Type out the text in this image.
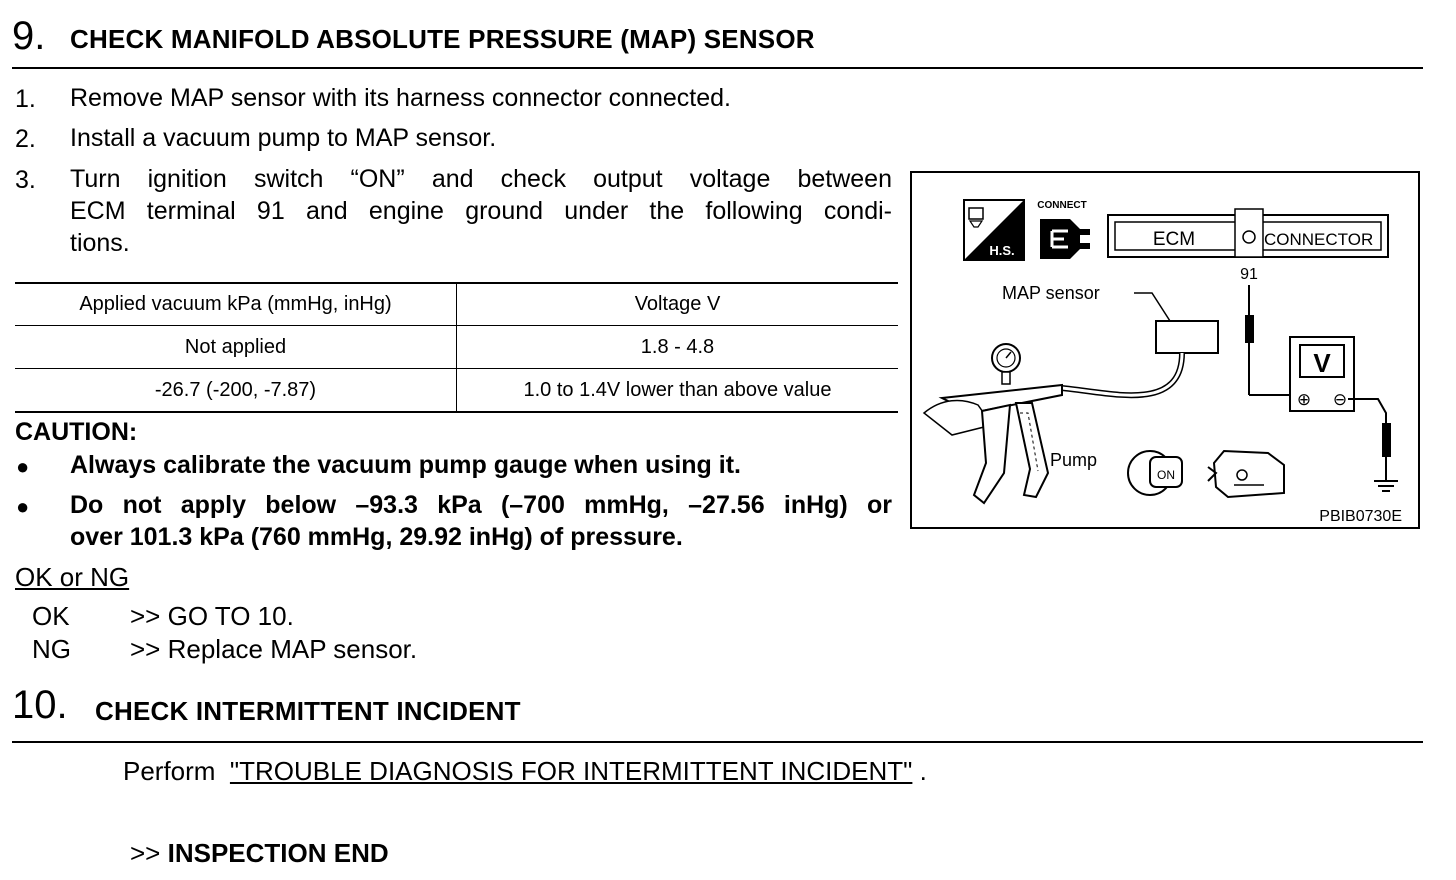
9. CHECK MANIFOLD ABSOLUTE PRESSURE (MAP) SENSOR
1. Remove MAP sensor with its harness connector connected.
2. Install a vacuum pump to MAP sensor.
3. Turn ignition switch “ON” and check output voltage between
ECM terminal 91 and engine ground under the following condi-
tions.
Applied vacuum kPa (mmHg, inHg)	Voltage V
Not applied	1.8 - 4.8
-26.7 (-200, -7.87)	1.0 to 1.4V lower than above value
CAUTION:
● Always calibrate the vacuum pump gauge when using it.
● Do not apply below –93.3 kPa (–700 mmHg, –27.56 inHg) or
over 101.3 kPa (760 mmHg, 29.92 inHg) of pressure.
OK or NG
OK >> GO TO 10.
NG >> Replace MAP sensor.
H.S.
CONNECT
ECM	CONNECTOR
91
V
⊕ ⊖
MAP sensor
Pump
ON
PBIB0730E
10. CHECK INTERMITTENT INCIDENT
Perform "TROUBLE DIAGNOSIS FOR INTERMITTENT INCIDENT" .
>> INSPECTION END
